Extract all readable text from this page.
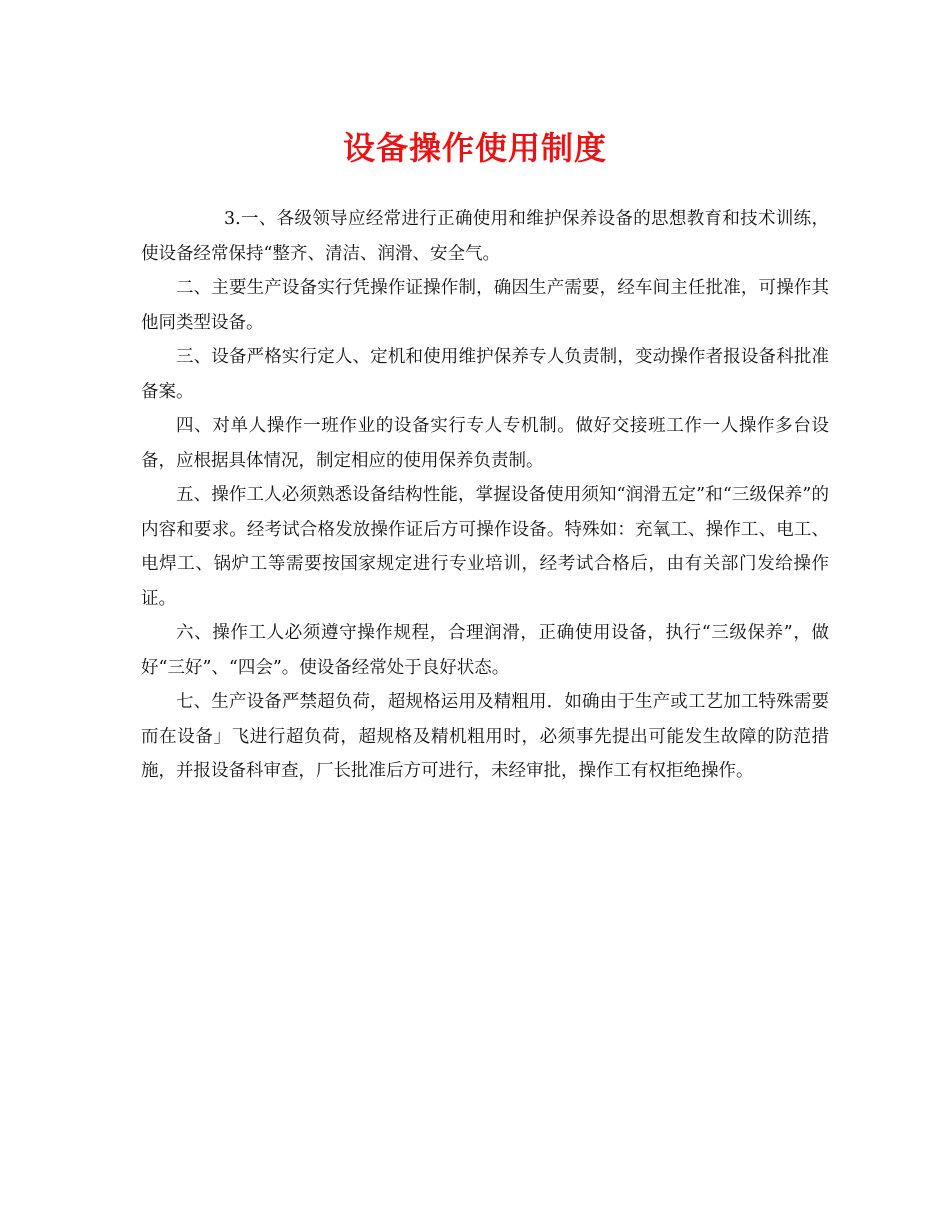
设备操作使用制度

3.一、各级领导应经常进行正确使用和维护保养设备的思想教育和技术训练，使设备经常保持“整齐、清洁、润滑、安全气。

二、主要生产设备实行凭操作证操作制，确因生产需要，经车间主任批准，可操作其他同类型设备。

三、设备严格实行定人、定机和使用维护保养专人负责制，变动操作者报设备科批准备案。

四、对单人操作一班作业的设备实行专人专机制。做好交接班工作一人操作多台设备，应根据具体情况，制定相应的使用保养负责制。

五、操作工人必须熟悉设备结构性能，掌握设备使用须知“润滑五定”和“三级保养”的内容和要求。经考试合格发放操作证后方可操作设备。特殊如：充氧工、操作工、电工、电焊工、锅炉工等需要按国家规定进行专业培训，经考试合格后，由有关部门发给操作证。

六、操作工人必须遵守操作规程，合理润滑，正确使用设备，执行“三级保养”，做好“三好”、“四会”。使设备经常处于良好状态。

七、生产设备严禁超负荷，超规格运用及精粗用．如确由于生产或工艺加工特殊需要而在设备」飞进行超负荷，超规格及精机粗用时，必须事先提出可能发生故障的防范措施，并报设备科审查，厂长批准后方可进行，未经审批，操作工有权拒绝操作。
